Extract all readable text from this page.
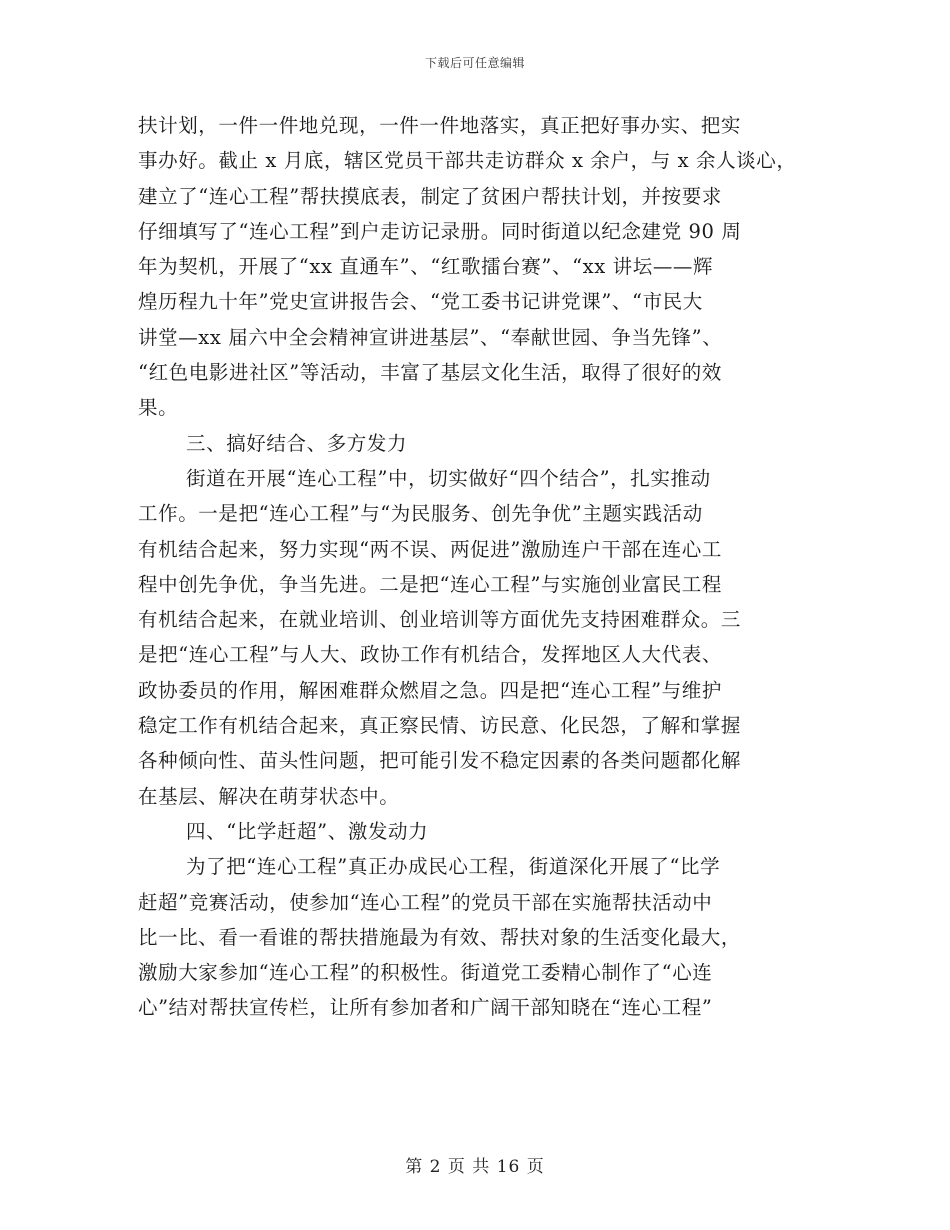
下载后可任意编辑
扶计划，一件一件地兑现，一件一件地落实，真正把好事办实、把实
事办好。截止 x 月底，辖区党员干部共走访群众 x 余户，与 x 余人谈心，
建立了“连心工程”帮扶摸底表，制定了贫困户帮扶计划，并按要求
仔细填写了“连心工程”到户走访记录册。同时街道以纪念建党 90 周
年为契机，开展了“xx 直通车”、“红歌擂台赛”、“xx 讲坛——辉
煌历程九十年”党史宣讲报告会、“党工委书记讲党课”、“市民大
讲堂—xx 届六中全会精神宣讲进基层”、“奉献世园、争当先锋”、
“红色电影进社区”等活动，丰富了基层文化生活，取得了很好的效
果。
三、搞好结合、多方发力
街道在开展“连心工程”中，切实做好“四个结合”，扎实推动
工作。一是把“连心工程”与“为民服务、创先争优”主题实践活动
有机结合起来，努力实现“两不误、两促进”激励连户干部在连心工
程中创先争优，争当先进。二是把“连心工程”与实施创业富民工程
有机结合起来，在就业培训、创业培训等方面优先支持困难群众。三
是把“连心工程”与人大、政协工作有机结合，发挥地区人大代表、
政协委员的作用，解困难群众燃眉之急。四是把“连心工程”与维护
稳定工作有机结合起来，真正察民情、访民意、化民怨，了解和掌握
各种倾向性、苗头性问题，把可能引发不稳定因素的各类问题都化解
在基层、解决在萌芽状态中。
四、“比学赶超”、激发动力
为了把“连心工程”真正办成民心工程，街道深化开展了“比学
赶超”竞赛活动，使参加“连心工程”的党员干部在实施帮扶活动中
比一比、看一看谁的帮扶措施最为有效、帮扶对象的生活变化最大，
激励大家参加“连心工程”的积极性。街道党工委精心制作了“心连
心”结对帮扶宣传栏，让所有参加者和广阔干部知晓在“连心工程”
第 2 页 共 16 页
